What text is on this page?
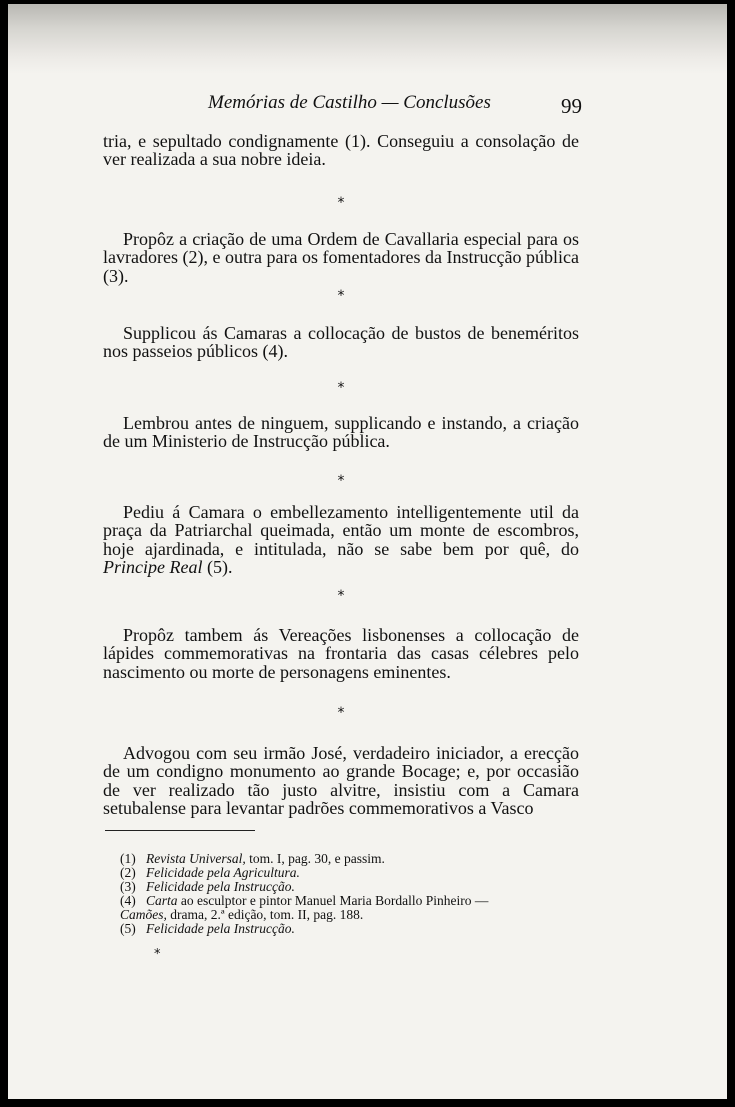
Memórias de Castilho — Conclusões	99

tria, e sepultado condignamente (1). Conseguiu a consolação de ver realizada a sua nobre ideia.

*

Propôz a criação de uma Ordem de Cavallaria especial para os lavradores (2), e outra para os fomentadores da Instrucção pública (3).

*

Supplicou ás Camaras a collocação de bustos de beneméritos nos passeios públicos (4).

*

Lembrou antes de ninguem, supplicando e instando, a criação de um Ministerio de Instrucção pública.

*

Pediu á Camara o embellezamento intelligentemente util da praça da Patriarchal queimada, então um monte de escombros, hoje ajardinada, e intitulada, não se sabe bem por quê, do Principe Real (5).

*

Propôz tambem ás Vereações lisbonenses a collocação de lápides commemorativas na frontaria das casas célebres pelo nascimento ou morte de personagens eminentes.

*

Advogou com seu irmão José, verdadeiro iniciador, a erecção de um condigno monumento ao grande Bocage; e, por occasião de ver realizado tão justo alvitre, insistiu com a Camara setubalense para levantar padrões commemorativos a Vasco

(1) Revista Universal, tom. I, pag. 30, e passim.

(2) Felicidade pela Agricultura.

(3) Felicidade pela Instrucção.

(4) Carta ao esculptor e pintor Manuel Maria Bordallo Pinheiro —

Camões, drama, 2.ª edição, tom. II, pag. 188.

(5) Felicidade pela Instrucção.

*
